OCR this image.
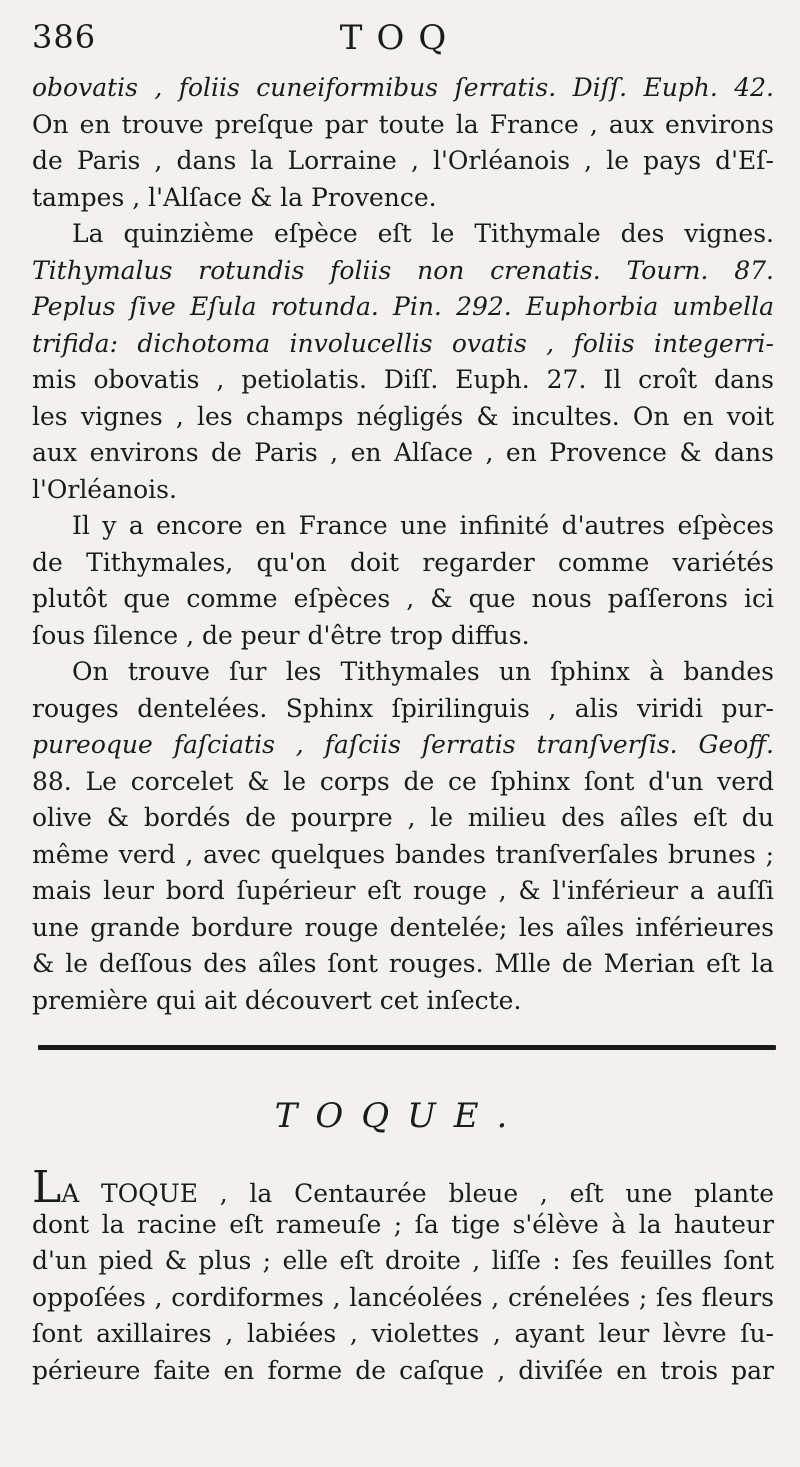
386	TOQ
obovatis , foliis cuneiformibus ſerratis. Diſſ. Euph. 42.
On en trouve preſque par toute la France , aux environs
de Paris , dans la Lorraine , l'Orléanois , le pays d'Eſ-
tampes , l'Alſace & la Provence.
La quinzième eſpèce eſt le Tithymale des vignes.
Tithymalus rotundis foliis non crenatis. Tourn. 87.
Peplus ſive Eſula rotunda. Pin. 292. Euphorbia umbella
trifida: dichotoma involucellis ovatis , foliis integerri-
mis obovatis , petiolatis. Diſſ. Euph. 27. Il croît dans
les vignes , les champs négligés & incultes. On en voit
aux environs de Paris , en Alſace , en Provence & dans
l'Orléanois.
Il y a encore en France une infinité d'autres eſpèces
de Tithymales, qu'on doit regarder comme variétés
plutôt que comme eſpèces , & que nous paſſerons ici
ſous ſilence , de peur d'être trop diffus.
On trouve ſur les Tithymales un ſphinx à bandes
rouges dentelées. Sphinx ſpirilinguis , alis viridi pur-
pureoque faſciatis , faſciis ſerratis tranſverſis. Geoff.
88. Le corcelet & le corps de ce ſphinx ſont d'un verd
olive & bordés de pourpre , le milieu des aîles eſt du
même verd , avec quelques bandes tranſverſales brunes ;
mais leur bord ſupérieur eſt rouge , & l'inférieur a auſſi
une grande bordure rouge dentelée; les aîles inférieures
& le deſſous des aîles ſont rouges. Mlle de Merian eſt la
première qui ait découvert cet inſecte.
TOQUE.
LA TOQUE , la Centaurée bleue , eſt une plante
dont la racine eſt rameuſe ; ſa tige s'élève à la hauteur
d'un pied & plus ; elle eſt droite , liſſe : ſes feuilles ſont
oppoſées , cordiformes , lancéolées , crénelées ; ſes fleurs
ſont axillaires , labiées , violettes , ayant leur lèvre ſu-
périeure faite en forme de caſque , diviſée en trois par
